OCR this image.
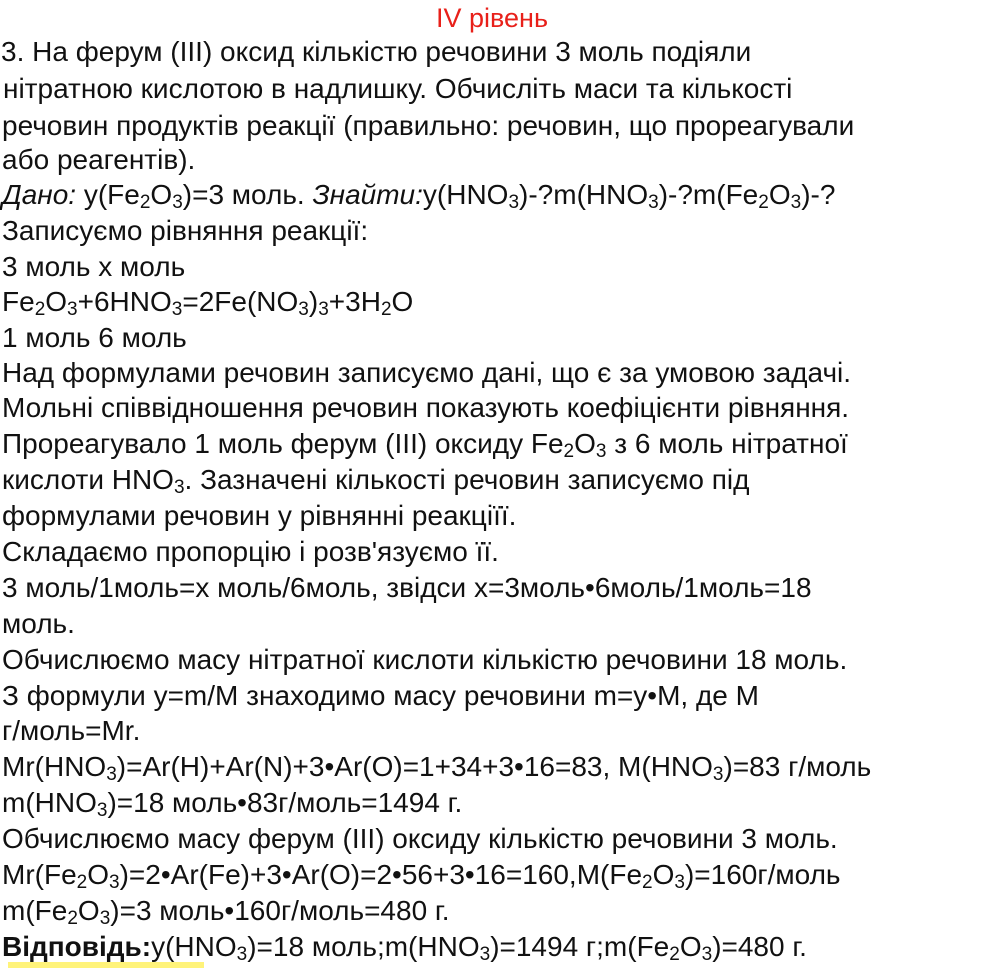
IV рівень
3. На ферум (III) оксид кількістю речовини 3 моль подіяли
нітратною кислотою в надлишку. Обчисліть маси та кількості
речовин продуктів реакції (правильно: речовин, що прореагували
або реагентів).
Дано: $y(Fe_2O_3)=3$ моль. $Знайти:y(HNO_3)-?m(HNO_3)-?m(Fe_2O_3)-$?
Записуємо рівняння реакції:
3 моль х моль
$Fe_2O_3+6HNO_3=2Fe(NO_3)_3+3H_2O$
1 моль 6 моль
Над формулами речовин записуємо дані, що є за умовою задачі.
Мольні співвідношення речовин показують коефіцієнти рівняння.
Прореагувало 1 моль ферум (III) оксиду $Fe_2O_3$ з 6 моль нітратної
кислоти $HNO_3$. Зазначені кількості речовин записуємо під
формулами речовин у рівнянні реакціїї.
Складаємо пропорцію і розв'язуємо її.
3 моль/1моль=х моль/6моль, звідси х=3моль•6моль/1моль=18
моль.
Обчислюємо масу нітратної кислоти кількістю речовини 18 моль.
З формули y=m/M знаходимо масу речовини m=y•M, де M
г/моль=Mr.
$Mr(HNO_3)=Ar(H)+Ar(N)+3•Ar(O)=1+34+3•16=83$, $M(HNO_3)=83$ г/моль
$m(HNO_3)=18$ моль•83г/моль=1494 г.
Обчислюємо масу ферум (III) оксиду кількістю речовини 3 моль.
$Mr(Fe_2O_3)=2•Ar(Fe)+3•Ar(O)=2•56+3•16=160,M(Fe_2O_3)=160г$/моль
$m(Fe_2O_3)=3$ моль•160г/моль=480 г.
$Відповідь:y(HNO_3)=18$ $моль;m(HNO_3)=1494$ $г;m(Fe_2O_3)=480$ г.
